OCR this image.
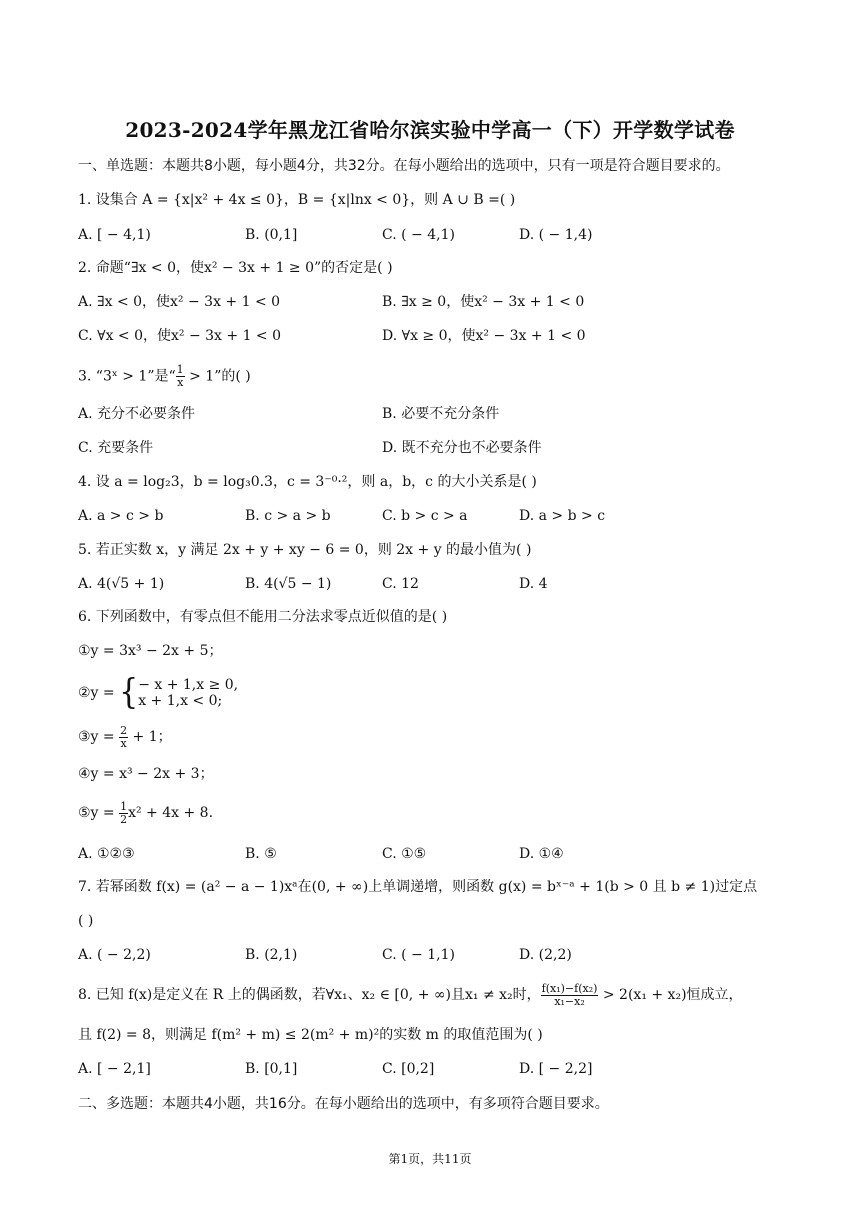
2023-2024学年黑龙江省哈尔滨实验中学高一（下）开学数学试卷
一、单选题：本题共8小题，每小题4分，共32分。在每小题给出的选项中，只有一项是符合题目要求的。
1. 设集合 A = {x|x² + 4x ≤ 0}，B = {x|lnx < 0}，则 A ∪ B =( )
A. [ − 4,1)	B. (0,1]	C. ( − 4,1)	D. ( − 1,4)
2. 命题“∃x < 0，使x² − 3x + 1 ≥ 0”的否定是( )
A. ∃x < 0，使x² − 3x + 1 < 0	B. ∃x ≥ 0，使x² − 3x + 1 < 0
C. ∀x < 0，使x² − 3x + 1 < 0	D. ∀x ≥ 0，使x² − 3x + 1 < 0
3. “3ˣ > 1”是“ $\frac{1}{x} > 1$”的( )
A. 充分不必要条件	B. 必要不充分条件
C. 充要条件	D. 既不充分也不必要条件
4. 设 a = log₂3，b = log₃0.3，c = 3⁻⁰·²，则 a，b，c 的大小关系是( )
A. a > c > b	B. c > a > b	C. b > c > a	D. a > b > c
5. 若正实数 x，y 满足 2x + y + xy − 6 = 0，则 2x + y 的最小值为( )
A. 4(√5 + 1)	B. 4(√5 − 1)	C. 12	D. 4
6. 下列函数中，有零点但不能用二分法求零点近似值的是( )
①y = 3x³ − 2x + 5；
②y = { − x + 1,x ≥ 0,
x + 1,x < 0;
③y = $\frac{2}{x} + 1$；
④y = x³ − 2x + 3；
⑤y = $\frac{1}{2} x^2 + 4x + 8$.
A. ①②③	B. ⑤	C. ①⑤	D. ①④
7. 若幂函数 f(x) = (a² − a − 1)xᵃ在(0, + ∞)上单调递增，则函数 g(x) = bˣ⁻ᵃ + 1(b > 0 且 b ≠ 1)过定点
( )
A. ( − 2,2)	B. (2,1)	C. ( − 1,1)	D. (2,2)
8. 已知 f(x)是定义在 R 上的偶函数，若∀x₁、x₂ ∈ [0, + ∞)且x₁ ≠ x₂时， $\frac{\text{f(x₁)−f(x₂)}}{\text{x₁−x₂}} > 2(x_1 + x_2)$恒成立，
且 f(2) = 8，则满足 f(m² + m) ≤ 2(m² + m)²的实数 m 的取值范围为( )
A. [ − 2,1]	B. [0,1]	C. [0,2]	D. [ − 2,2]
二、多选题：本题共4小题，共16分。在每小题给出的选项中，有多项符合题目要求。
第1页，共11页
